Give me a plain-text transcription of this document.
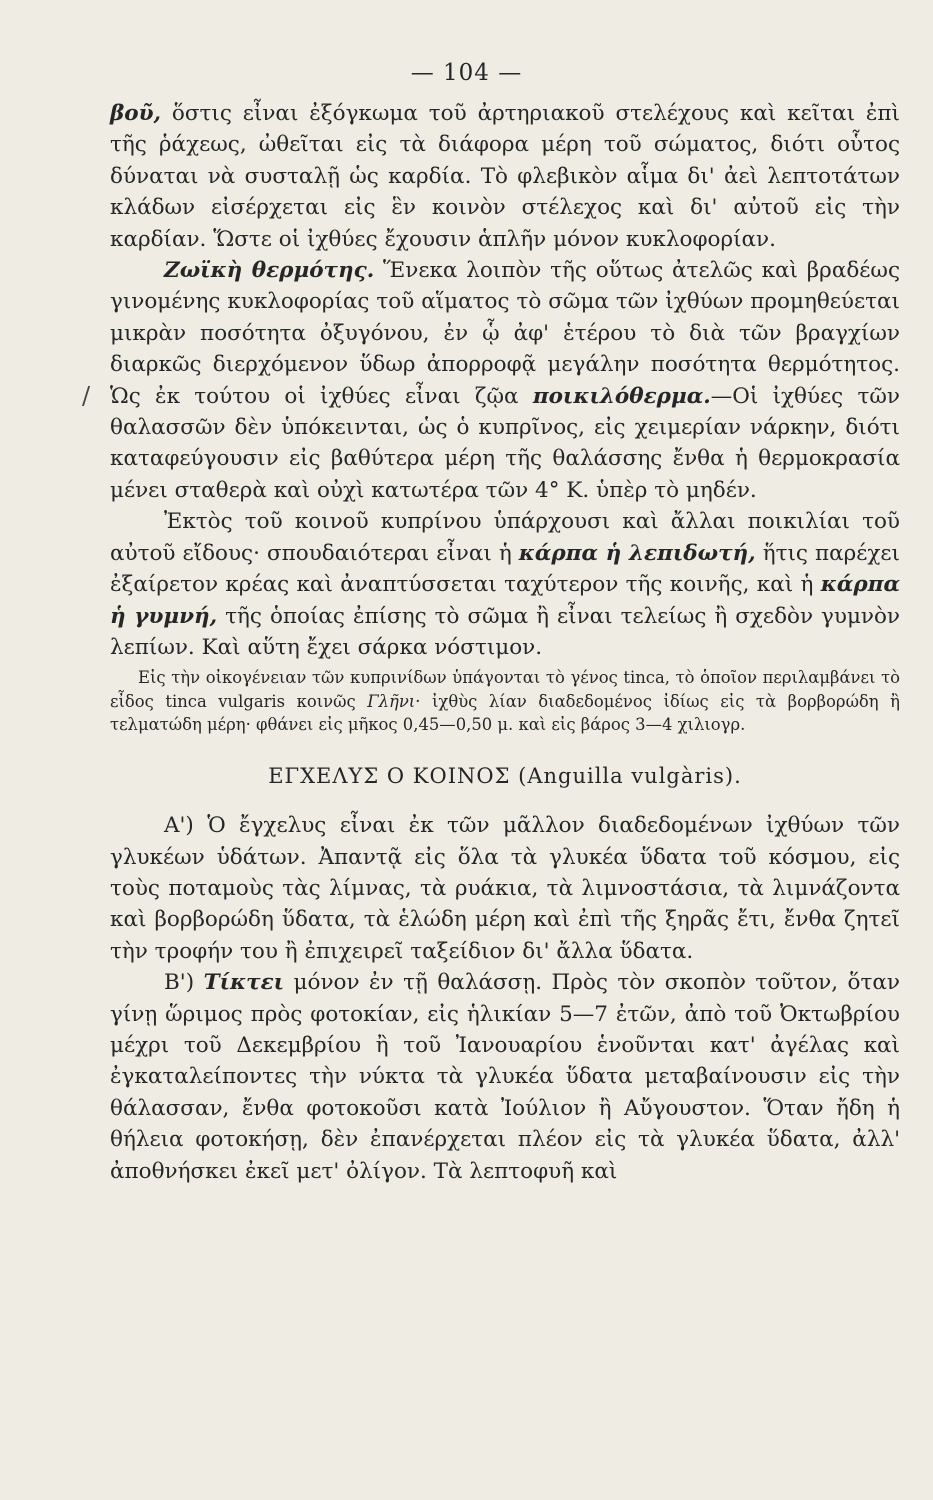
— 104 —
/

βοῦ, ὅστις εἶναι ἐξόγκωμα τοῦ ἀρτηριακοῦ στελέχους καὶ κεῖται ἐπὶ τῆς ῥάχεως, ὠθεῖται εἰς τὰ διάφορα μέρη τοῦ σώματος, διότι οὗτος δύναται νὰ συσταλῇ ὡς καρδία. Τὸ φλεβικὸν αἷμα δι' ἀεὶ λεπτοτάτων κλάδων εἰσέρχεται εἰς ἓν κοινὸν στέλεχος καὶ δι' αὐτοῦ εἰς τὴν καρδίαν. Ὥστε οἱ ἰχθύες ἔχουσιν ἁπλῆν μόνον κυκλοφορίαν.

Ζωϊκὴ θερμότης. Ἕνεκα λοιπὸν τῆς οὕτως ἀτελῶς καὶ βραδέως γινομένης κυκλοφορίας τοῦ αἵματος τὸ σῶμα τῶν ἰχθύων προμηθεύεται μικρὰν ποσότητα ὀξυγόνου, ἐν ᾧ ἀφ' ἑτέρου τὸ διὰ τῶν βραγχίων διαρκῶς διερχόμενον ὕδωρ ἀπορροφᾷ μεγάλην ποσότητα θερμότητος. Ὡς ἐκ τούτου οἱ ἰχθύες εἶναι ζῷα ποικιλόθερμα.—Οἱ ἰχθύες τῶν θαλασσῶν δὲν ὑπόκεινται, ὡς ὁ κυπρῖνος, εἰς χειμερίαν νάρκην, διότι καταφεύγουσιν εἰς βαθύτερα μέρη τῆς θαλάσσης ἔνθα ἡ θερμοκρασία μένει σταθερὰ καὶ οὐχὶ κατωτέρα τῶν 4° Κ. ὑπὲρ τὸ μηδέν.

Ἐκτὸς τοῦ κοινοῦ κυπρίνου ὑπάρχουσι καὶ ἄλλαι ποικιλίαι τοῦ αὐτοῦ εἴδους· σπουδαιότεραι εἶναι ἡ κάρπα ἡ λεπιδωτή, ἥτις παρέχει ἐξαίρετον κρέας καὶ ἀναπτύσσεται ταχύτερον τῆς κοινῆς, καὶ ἡ κάρπα ἡ γυμνή, τῆς ὁποίας ἐπίσης τὸ σῶμα ἢ εἶναι τελείως ἢ σχεδὸν γυμνὸν λεπίων. Καὶ αὕτη ἔχει σάρκα νόστιμον.

Εἰς τὴν οἰκογένειαν τῶν κυπρινίδων ὑπάγονται τὸ γένος tinca, τὸ ὁποῖον περιλαμβάνει τὸ εἶδος tinca vulgaris κοινῶς Γλῆνι· ἰχθὺς λίαν διαδεδομένος ἰδίως εἰς τὰ βορβορώδη ἢ τελματώδη μέρη· φθάνει εἰς μῆκος 0,45—0,50 μ. καὶ εἰς βάρος 3—4 χιλιογρ.

ΕΓΧΕΛΥΣ Ο ΚΟΙΝΟΣ (Anguilla vulgàris).

Α') Ὁ ἔγχελυς εἶναι ἐκ τῶν μᾶλλον διαδεδομένων ἰχθύων τῶν γλυκέων ὑδάτων. Ἀπαντᾷ εἰς ὅλα τὰ γλυκέα ὕδατα τοῦ κόσμου, εἰς τοὺς ποταμοὺς τὰς λίμνας, τὰ ρυάκια, τὰ λιμνοστάσια, τὰ λιμνάζοντα καὶ βορβορώδη ὕδατα, τὰ ἑλώδη μέρη καὶ ἐπὶ τῆς ξηρᾶς ἔτι, ἔνθα ζητεῖ τὴν τροφήν του ἢ ἐπιχειρεῖ ταξείδιον δι' ἄλλα ὕδατα.

Β') Τίκτει μόνον ἐν τῇ θαλάσσῃ. Πρὸς τὸν σκοπὸν τοῦτον, ὅταν γίνῃ ὥριμος πρὸς φοτοκίαν, εἰς ἡλικίαν 5—7 ἐτῶν, ἀπὸ τοῦ Ὀκτωβρίου μέχρι τοῦ Δεκεμβρίου ἢ τοῦ Ἰανουαρίου ἑνοῦνται κατ' ἀγέλας καὶ ἐγκαταλείποντες τὴν νύκτα τὰ γλυκέα ὕδατα μεταβαίνουσιν εἰς τὴν θάλασσαν, ἔνθα φοτοκοῦσι κατὰ Ἰούλιον ἢ Αὔγουστον. Ὅταν ἤδη ἡ θήλεια φοτοκήσῃ, δὲν ἐπανέρχεται πλέον εἰς τὰ γλυκέα ὕδατα, ἀλλ' ἀποθνήσκει ἐκεῖ μετ' ὀλίγον. Τὰ λεπτοφυῆ καὶ
